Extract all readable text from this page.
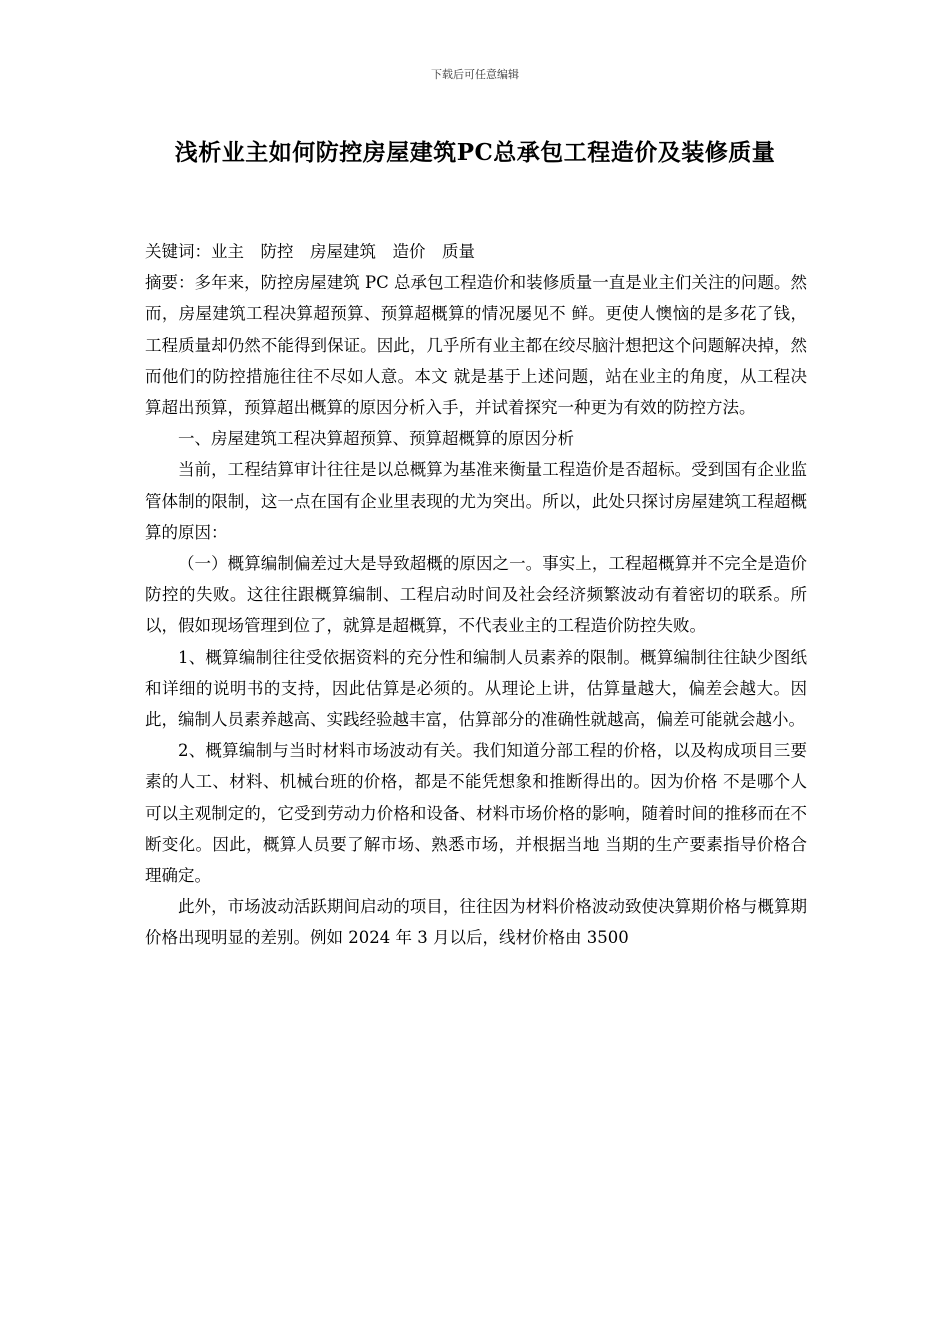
下载后可任意编辑
浅析业主如何防控房屋建筑PC总承包工程造价及装修质量

关键词：业主　防控　房屋建筑　造价　质量

摘要：多年来，防控房屋建筑 PC 总承包工程造价和装修质量一直是业主们关注的问题。然而，房屋建筑工程决算超预算、预算超概算的情况屡见不 鲜。更使人懊恼的是多花了钱，工程质量却仍然不能得到保证。因此，几乎所有业主都在绞尽脑汁想把这个问题解决掉，然而他们的防控措施往往不尽如人意。本文 就是基于上述问题，站在业主的角度，从工程决算超出预算，预算超出概算的原因分析入手，并试着探究一种更为有效的防控方法。

一、房屋建筑工程决算超预算、预算超概算的原因分析

当前，工程结算审计往往是以总概算为基准来衡量工程造价是否超标。受到国有企业监管体制的限制，这一点在国有企业里表现的尤为突出。所以，此处只探讨房屋建筑工程超概算的原因：

（一）概算编制偏差过大是导致超概的原因之一。事实上，工程超概算并不完全是造价防控的失败。这往往跟概算编制、工程启动时间及社会经济频繁波动有着密切的联系。所以，假如现场管理到位了，就算是超概算，不代表业主的工程造价防控失败。

1、概算编制往往受依据资料的充分性和编制人员素养的限制。概算编制往往缺少图纸和详细的说明书的支持，因此估算是必须的。从理论上讲，估算量越大，偏差会越大。因此，编制人员素养越高、实践经验越丰富，估算部分的准确性就越高，偏差可能就会越小。

2、概算编制与当时材料市场波动有关。我们知道分部工程的价格，以及构成项目三要素的人工、材料、机械台班的价格，都是不能凭想象和推断得出的。因为价格 不是哪个人可以主观制定的，它受到劳动力价格和设备、材料市场价格的影响，随着时间的推移而在不断变化。因此，概算人员要了解市场、熟悉市场，并根据当地 当期的生产要素指导价格合理确定。

此外，市场波动活跃期间启动的项目，往往因为材料价格波动致使决算期价格与概算期价格出现明显的差别。例如 2024 年 3 月以后，线材价格由 3500
